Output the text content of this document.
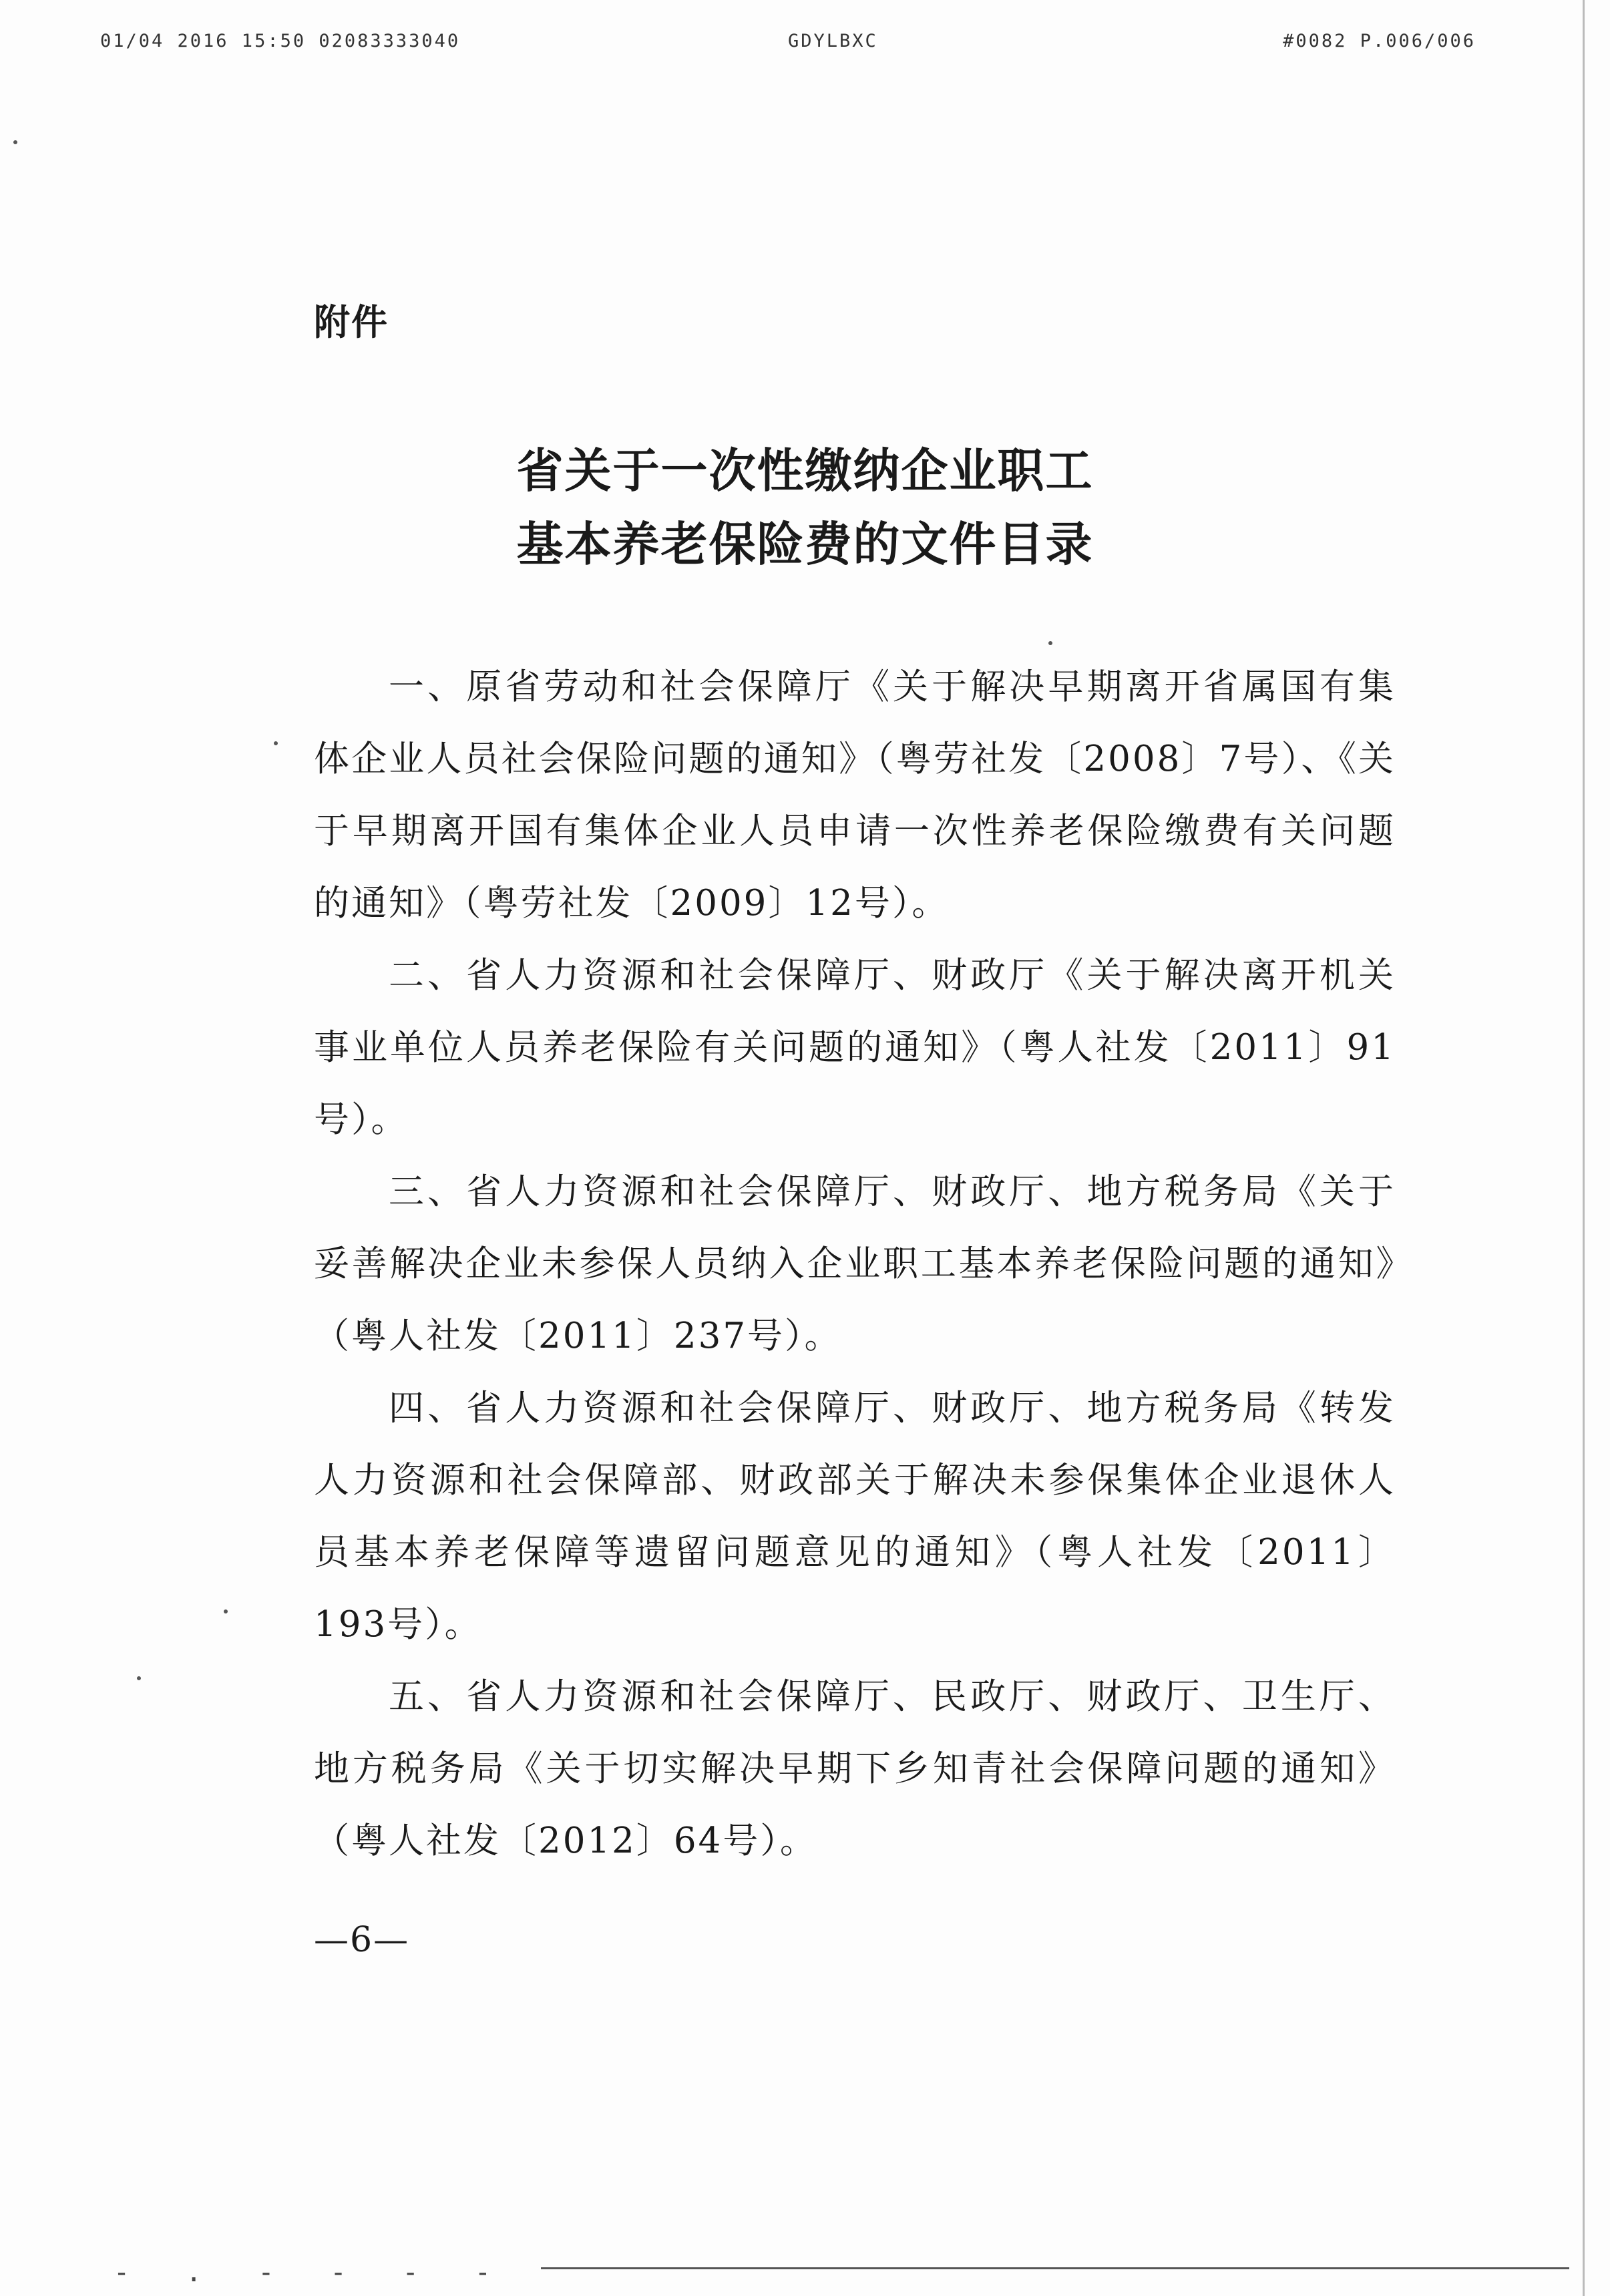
01/04 2016 15:50 02083333040	GDYLBXC	#0082 P.006/006
附件
省关于一次性缴纳企业职工
基本养老保险费的文件目录

一、原省劳动和社会保障厅《关于解决早期离开省属国有集体企业人员社会保险问题的通知》（粤劳社发〔2008〕7号）、《关于早期离开国有集体企业人员申请一次性养老保险缴费有关问题的通知》（粤劳社发〔2009〕12号）。

二、省人力资源和社会保障厅、财政厅《关于解决离开机关事业单位人员养老保险有关问题的通知》（粤人社发〔2011〕91号）。

三、省人力资源和社会保障厅、财政厅、地方税务局《关于妥善解决企业未参保人员纳入企业职工基本养老保险问题的通知》（粤人社发〔2011〕237号）。

四、省人力资源和社会保障厅、财政厅、地方税务局《转发人力资源和社会保障部、财政部关于解决未参保集体企业退休人员基本养老保障等遗留问题意见的通知》（粤人社发〔2011〕193号）。

五、省人力资源和社会保障厅、民政厅、财政厅、卫生厅、地方税务局《关于切实解决早期下乡知青社会保障问题的通知》（粤人社发〔2012〕64号）。

—6—
- . - - - -
